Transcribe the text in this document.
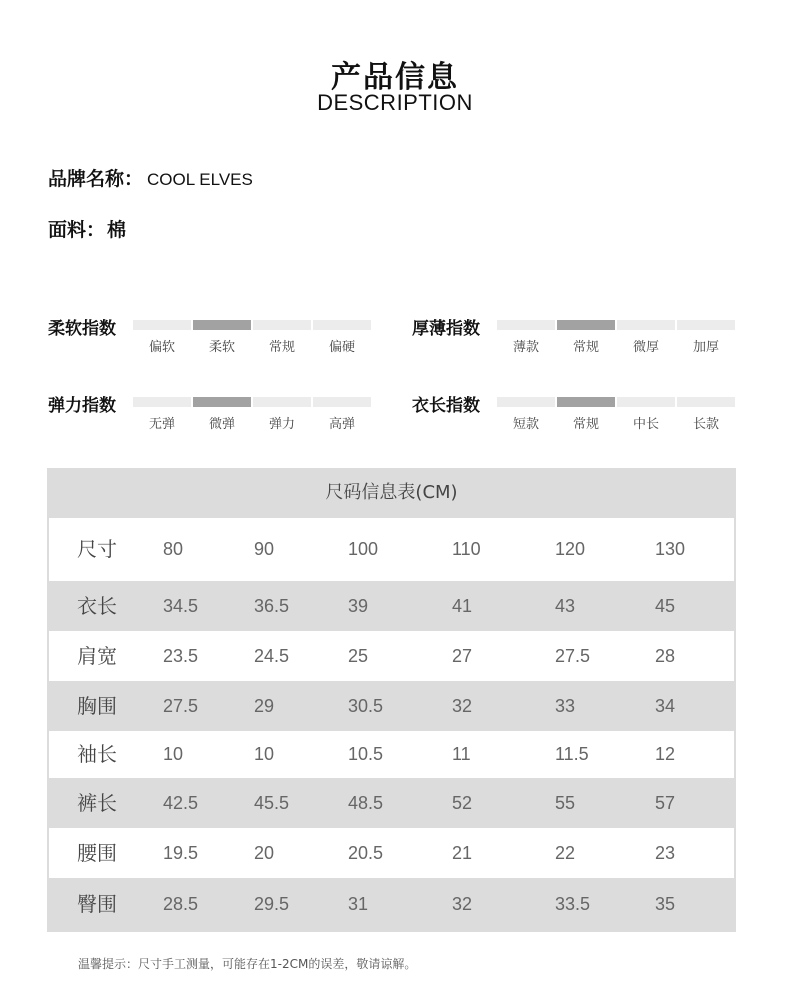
产品信息
DESCRIPTION
品牌名称： COOL ELVES
面料： 棉
柔软指数
偏软	柔软	常规	偏硬
厚薄指数
薄款	常规	微厚	加厚
弹力指数
无弹	微弹	弹力	高弹
衣长指数
短款	常规	中长	长款
尺码信息表(CM)
尺寸	80	90	100	110	120	130
衣长	34.5	36.5	39	41	43	45
肩宽	23.5	24.5	25	27	27.5	28
胸围	27.5	29	30.5	32	33	34
袖长	10	10	10.5	11	11.5	12
裤长	42.5	45.5	48.5	52	55	57
腰围	19.5	20	20.5	21	22	23
臀围	28.5	29.5	31	32	33.5	35
温馨提示：尺寸手工测量，可能存在1-2CM的误差，敬请谅解。
